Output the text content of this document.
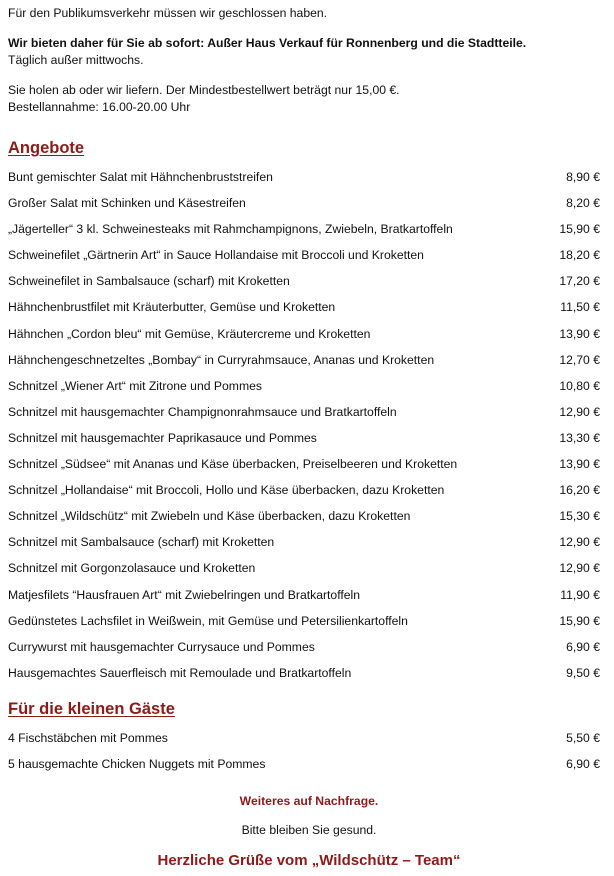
Für den Publikumsverkehr müssen wir geschlossen haben.

Wir bieten daher für Sie ab sofort: Außer Haus Verkauf für Ronnenberg und die Stadtteile.

Täglich außer mittwochs.

Sie holen ab oder wir liefern. Der Mindestbestellwert beträgt nur 15,00 €.

Bestellannahme: 16.00-20.00 Uhr

Angebote
Bunt gemischter Salat mit Hähnchenbruststreifen	8,90 €
Großer Salat mit Schinken und Käsestreifen	8,20 €
„Jägerteller“ 3 kl. Schweinesteaks mit Rahmchampignons, Zwiebeln, Bratkartoffeln	15,90 €
Schweinefilet „Gärtnerin Art“ in Sauce Hollandaise mit Broccoli und Kroketten	18,20 €
Schweinefilet in Sambalsauce (scharf) mit Kroketten	17,20 €
Hähnchenbrustfilet mit Kräuterbutter, Gemüse und Kroketten	11,50 €
Hähnchen „Cordon bleu“ mit Gemüse, Kräutercreme und Kroketten	13,90 €
Hähnchengeschnetzeltes „Bombay“ in Curryrahmsauce, Ananas und Kroketten	12,70 €
Schnitzel „Wiener Art“ mit Zitrone und Pommes	10,80 €
Schnitzel mit hausgemachter Champignonrahmsauce und Bratkartoffeln	12,90 €
Schnitzel mit hausgemachter Paprikasauce und Pommes	13,30 €
Schnitzel „Südsee“ mit Ananas und Käse überbacken, Preiselbeeren und Kroketten	13,90 €
Schnitzel „Hollandaise“ mit Broccoli, Hollo und Käse überbacken, dazu Kroketten	16,20 €
Schnitzel „Wildschütz“ mit Zwiebeln und Käse überbacken, dazu Kroketten	15,30 €
Schnitzel mit Sambalsauce (scharf) mit Kroketten	12,90 €
Schnitzel mit Gorgonzolasauce und Kroketten	12,90 €
Matjesfilets “Hausfrauen Art“ mit Zwiebelringen und Bratkartoffeln	11,90 €
Gedünstetes Lachsfilet in Weißwein, mit Gemüse und Petersilienkartoffeln	15,90 €
Currywurst mit hausgemachter Currysauce und Pommes	6,90 €
Hausgemachtes Sauerfleisch mit Remoulade und Bratkartoffeln	9,50 €
Für die kleinen Gäste
4 Fischstäbchen mit Pommes	5,50 €
5 hausgemachte Chicken Nuggets mit Pommes	6,90 €

Weiteres auf Nachfrage.

Bitte bleiben Sie gesund.

Herzliche Grüße vom „Wildschütz – Team“
